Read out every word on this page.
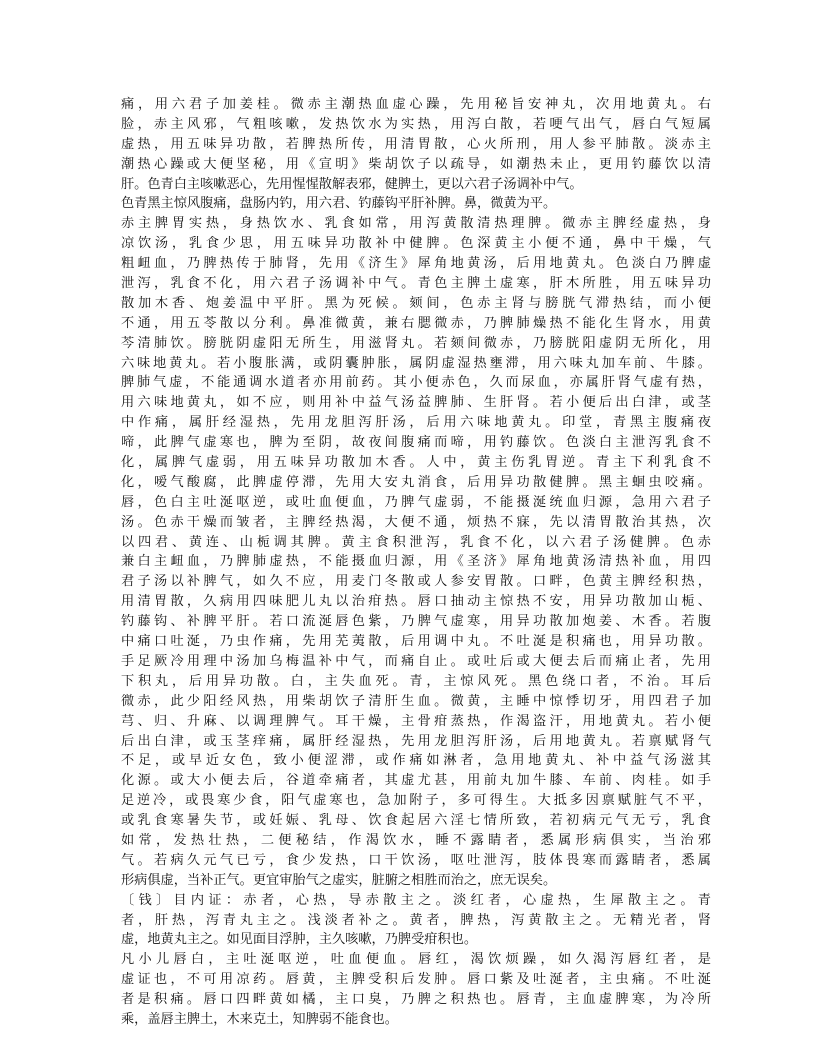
痛，用六君子加姜桂。微赤主潮热血虚心躁，先用秘旨安神丸，次用地黄丸。右
脸，赤主风邪，气粗咳嗽，发热饮水为实热，用泻白散，若哽气出气，唇白气短属
虚热，用五味异功散，若脾热所传，用清胃散，心火所刑，用人参平肺散。淡赤主
潮热心躁或大便坚秘，用《宣明》柴胡饮子以疏导，如潮热未止，更用钓藤饮以清
肝。色青白主咳嗽恶心，先用惺惺散解表邪，健脾土，更以六君子汤调补中气。
色青黑主惊风腹痛，盘肠内钓，用六君、钓藤钩平肝补脾。鼻，微黄为平。
赤主脾胃实热，身热饮水、乳食如常，用泻黄散清热理脾。微赤主脾经虚热，身
凉饮汤，乳食少思，用五味异功散补中健脾。色深黄主小便不通，鼻中干燥，气
粗衄血，乃脾热传于肺肾，先用《济生》犀角地黄汤，后用地黄丸。色淡白乃脾虚
泄泻，乳食不化，用六君子汤调补中气。青色主脾土虚寒，肝木所胜，用五味异功
散加木香、炮姜温中平肝。黑为死候。颏间，色赤主肾与膀胱气滞热结，而小便
不通，用五苓散以分利。鼻准微黄，兼右腮微赤，乃脾肺燥热不能化生肾水，用黄
芩清肺饮。膀胱阴虚阳无所生，用滋肾丸。若颏间微赤，乃膀胱阳虚阴无所化，用
六味地黄丸。若小腹胀满，或阴囊肿胀，属阴虚湿热壅滞，用六味丸加车前、牛膝。
脾肺气虚，不能通调水道者亦用前药。其小便赤色，久而尿血，亦属肝肾气虚有热，
用六味地黄丸，如不应，则用补中益气汤益脾肺、生肝肾。若小便后出白津，或茎
中作痛，属肝经湿热，先用龙胆泻肝汤，后用六味地黄丸。印堂，青黑主腹痛夜
啼，此脾气虚寒也，脾为至阴，故夜间腹痛而啼，用钓藤饮。色淡白主泄泻乳食不
化，属脾气虚弱，用五味异功散加木香。人中，黄主伤乳胃逆。青主下利乳食不
化，嗳气酸腐，此脾虚停滞，先用大安丸消食，后用异功散健脾。黑主蛔虫咬痛。
唇，色白主吐涎呕逆，或吐血便血，乃脾气虚弱，不能摄涎统血归源，急用六君子
汤。色赤干燥而皱者，主脾经热渴，大便不通，烦热不寐，先以清胃散治其热，次
以四君、黄连、山栀调其脾。黄主食积泄泻，乳食不化，以六君子汤健脾。色赤
兼白主衄血，乃脾肺虚热，不能摄血归源，用《圣济》犀角地黄汤清热补血，用四
君子汤以补脾气，如久不应，用麦门冬散或人参安胃散。口畔，色黄主脾经积热，
用清胃散，久病用四味肥儿丸以治疳热。唇口抽动主惊热不安，用异功散加山栀、
钓藤钩、补脾平肝。若口流涎唇色紫，乃脾气虚寒，用异功散加炮姜、木香。若腹
中痛口吐涎，乃虫作痛，先用芜荑散，后用调中丸。不吐涎是积痛也，用异功散。
手足厥冷用理中汤加乌梅温补中气，而痛自止。或吐后或大便去后而痛止者，先用
下积丸，后用异功散。白，主失血死。青，主惊风死。黑色绕口者，不治。耳后
微赤，此少阳经风热，用柴胡饮子清肝生血。微黄，主睡中惊悸切牙，用四君子加
芎、归、升麻、以调理脾气。耳干燥，主骨疳蒸热，作渴盗汗，用地黄丸。若小便
后出白津，或玉茎痒痛，属肝经湿热，先用龙胆泻肝汤，后用地黄丸。若禀赋肾气
不足，或早近女色，致小便涩滞，或作痛如淋者，急用地黄丸、补中益气汤滋其
化源。或大小便去后，谷道牵痛者，其虚尤甚，用前丸加牛膝、车前、肉桂。如手
足逆冷，或畏寒少食，阳气虚寒也，急加附子，多可得生。大抵多因禀赋脏气不平，
或乳食寒暑失节，或妊娠、乳母、饮食起居六淫七情所致，若初病元气无亏，乳食
如常，发热壮热，二便秘结，作渴饮水，睡不露睛者，悉属形病俱实，当治邪
气。若病久元气已亏，食少发热，口干饮汤，呕吐泄泻，肢体畏寒而露睛者，悉属
形病俱虚，当补正气。更宜审胎气之虚实，脏腑之相胜而治之，庶无误矣。
〔钱〕目内证：赤者，心热，导赤散主之。淡红者，心虚热，生犀散主之。青
者，肝热，泻青丸主之。浅淡者补之。黄者，脾热，泻黄散主之。无精光者，肾
虚，地黄丸主之。如见面目浮肿，主久咳嗽，乃脾受疳积也。
凡小儿唇白，主吐涎呕逆，吐血便血。唇红，渴饮烦躁，如久渴泻唇红者，是
虚证也，不可用凉药。唇黄，主脾受积后发肿。唇口紫及吐涎者，主虫痛。不吐涎
者是积痛。唇口四畔黄如橘，主口臭，乃脾之积热也。唇青，主血虚脾寒，为冷所
乘，盖唇主脾土，木来克土，知脾弱不能食也。
